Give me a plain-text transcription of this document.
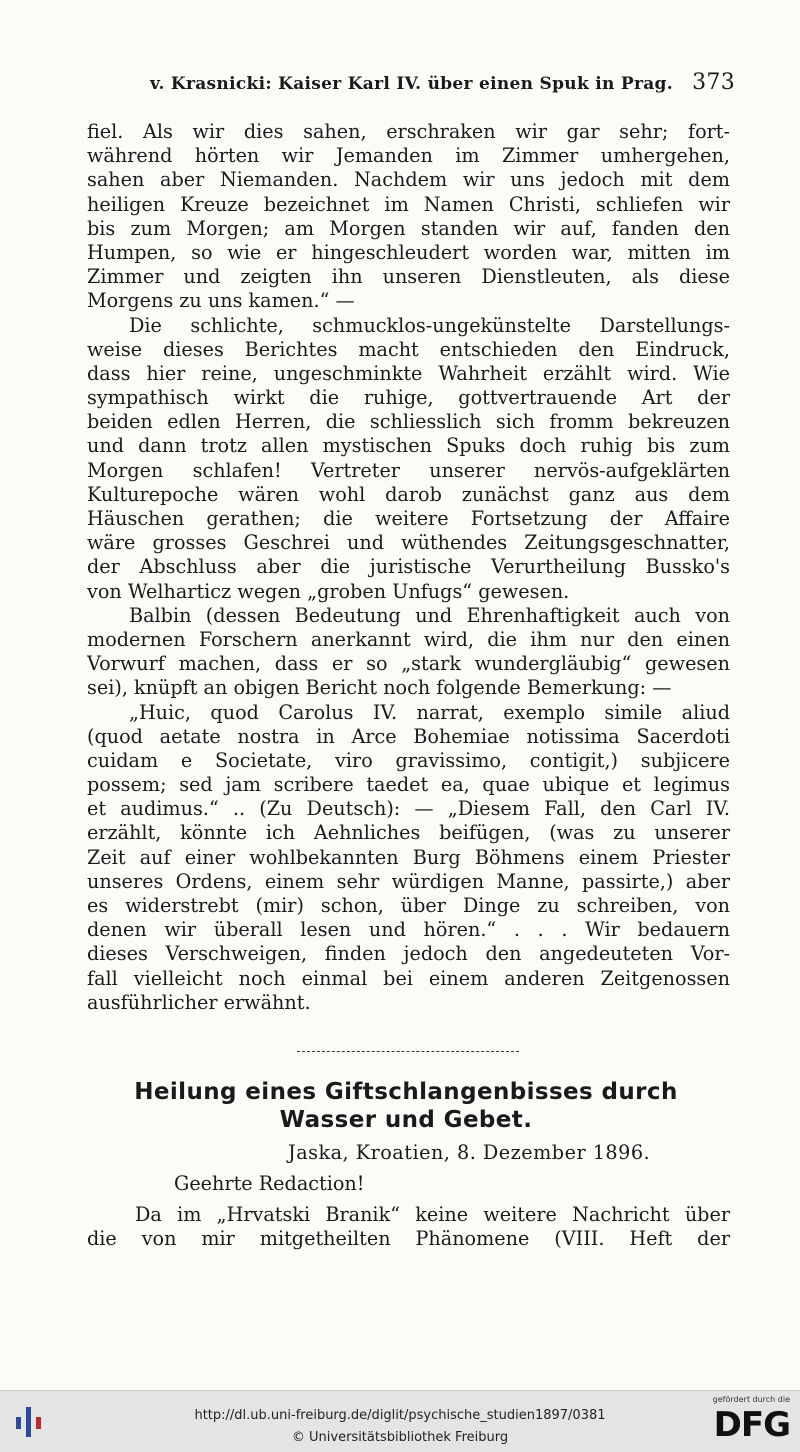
v. Krasnicki: Kaiser Karl IV. über einen Spuk in Prag. 373
fiel. Als wir dies sahen, erschraken wir gar sehr; fort-
während hörten wir Jemanden im Zimmer umhergehen,
sahen aber Niemanden. Nachdem wir uns jedoch mit dem
heiligen Kreuze bezeichnet im Namen Christi, schliefen wir
bis zum Morgen; am Morgen standen wir auf, fanden den
Humpen, so wie er hingeschleudert worden war, mitten im
Zimmer und zeigten ihn unseren Dienstleuten, als diese
Morgens zu uns kamen.“ —
Die schlichte, schmucklos-ungekünstelte Darstellungs-
weise dieses Berichtes macht entschieden den Eindruck,
dass hier reine, ungeschminkte Wahrheit erzählt wird. Wie
sympathisch wirkt die ruhige, gottvertrauende Art der
beiden edlen Herren, die schliesslich sich fromm bekreuzen
und dann trotz allen mystischen Spuks doch ruhig bis zum
Morgen schlafen! Vertreter unserer nervös-aufgeklärten
Kulturepoche wären wohl darob zunächst ganz aus dem
Häuschen gerathen; die weitere Fortsetzung der Affaire
wäre grosses Geschrei und wüthendes Zeitungsgeschnatter,
der Abschluss aber die juristische Verurtheilung Bussko's
von Welharticz wegen „groben Unfugs“ gewesen.
Balbin (dessen Bedeutung und Ehrenhaftigkeit auch von
modernen Forschern anerkannt wird, die ihm nur den einen
Vorwurf machen, dass er so „stark wundergläubig“ gewesen
sei), knüpft an obigen Bericht noch folgende Bemerkung: —
„Huic, quod Carolus IV. narrat, exemplo simile aliud
(quod aetate nostra in Arce Bohemiae notissima Sacerdoti
cuidam e Societate, viro gravissimo, contigit,) subjicere
possem; sed jam scribere taedet ea, quae ubique et legimus
et audimus.“ .. (Zu Deutsch): — „Diesem Fall, den Carl IV.
erzählt, könnte ich Aehnliches beifügen, (was zu unserer
Zeit auf einer wohlbekannten Burg Böhmens einem Priester
unseres Ordens, einem sehr würdigen Manne, passirte,) aber
es widerstrebt (mir) schon, über Dinge zu schreiben, von
denen wir überall lesen und hören.“ . . . Wir bedauern
dieses Verschweigen, finden jedoch den angedeuteten Vor-
fall vielleicht noch einmal bei einem anderen Zeitgenossen
ausführlicher erwähnt.
Heilung eines Giftschlangenbisses durch
Wasser und Gebet.
Jaska, Kroatien, 8. Dezember 1896.
Geehrte Redaction!
Da im „Hrvatski Branik“ keine weitere Nachricht über
die von mir mitgetheilten Phänomene (VIII. Heft der
http://dl.ub.uni-freiburg.de/diglit/psychische_studien1897/0381
© Universitätsbibliothek Freiburg
gefördert durch die
DFG
